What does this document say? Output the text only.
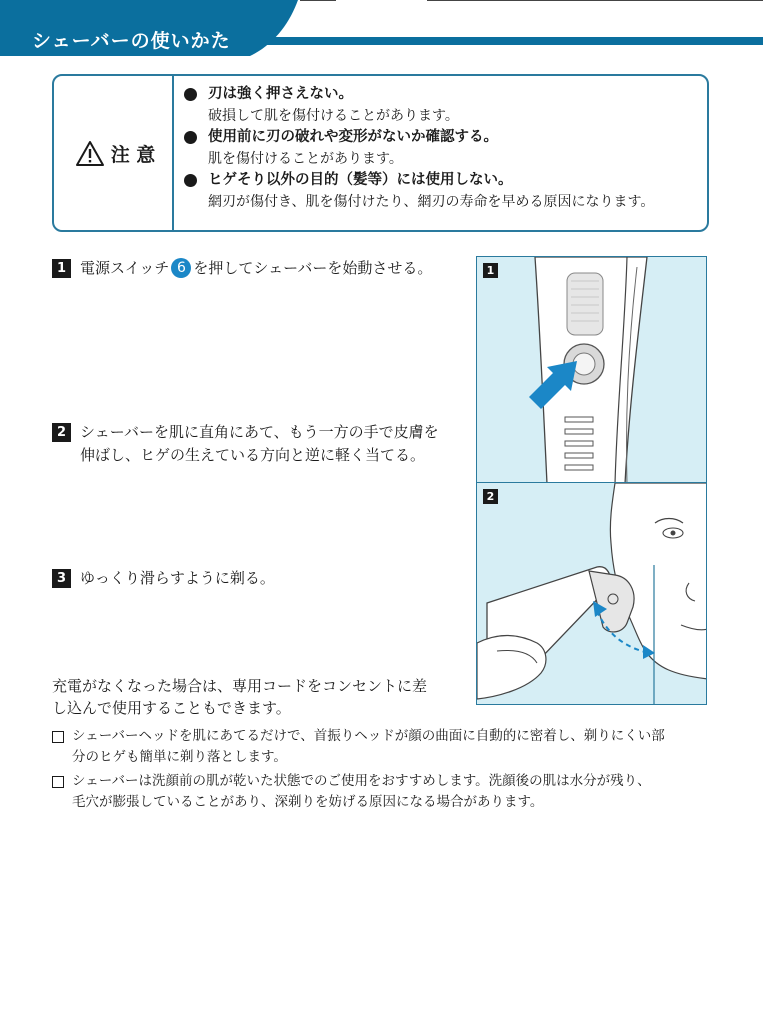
シェーバーの使いかた
注 意
刃は強く押さえない。
破損して肌を傷付けることがあります。
使用前に刃の破れや変形がないか確認する。
肌を傷付けることがあります。
ヒゲそり以外の目的（髪等）には使用しない。
網刃が傷付き、肌を傷付けたり、網刃の寿命を早める原因になります。
1 電源スイッチ 6 を押してシェーバーを始動させる。
2 シェーバーを肌に直角にあて、もう一方の手で皮膚を
伸ばし、ヒゲの生えている方向と逆に軽く当てる。
3 ゆっくり滑らすように剃る。
充電がなくなった場合は、専用コードをコンセントに差
し込んで使用することもできます。
1
2
シェーバーヘッドを肌にあてるだけで、首振りヘッドが顔の曲面に自動的に密着し、剃りにくい部
分のヒゲも簡単に剃り落とします。
シェーバーは洗顔前の肌が乾いた状態でのご使用をおすすめします。洗顔後の肌は水分が残り、
毛穴が膨張していることがあり、深剃りを妨げる原因になる場合があります。
